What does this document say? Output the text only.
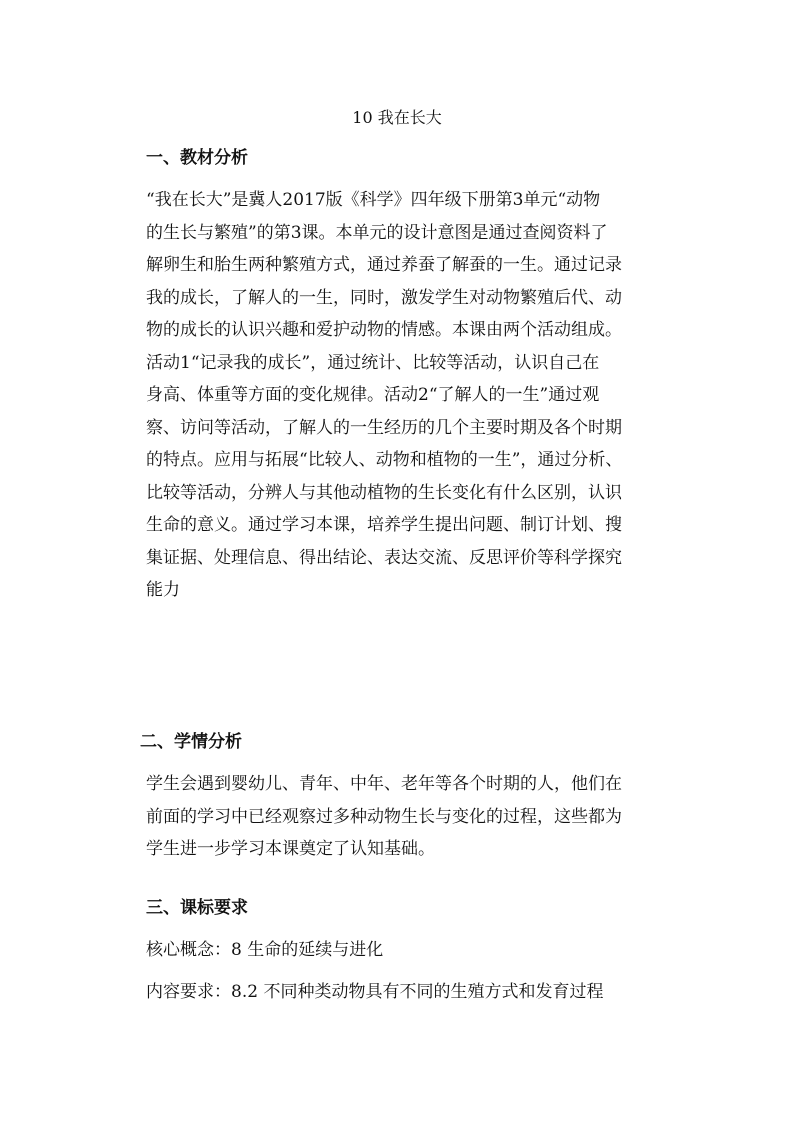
10 我在长大
一、教材分析
“我在长大”是冀人2017版《科学》四年级下册第3单元“动物
的生长与繁殖”的第3课。本单元的设计意图是通过查阅资料了
解卵生和胎生两种繁殖方式，通过养蚕了解蚕的一生。通过记录
我的成长，了解人的一生，同时，激发学生对动物繁殖后代、动
物的成长的认识兴趣和爱护动物的情感。本课由两个活动组成。
活动1“记录我的成长”，通过统计、比较等活动，认识自己在
身高、体重等方面的变化规律。活动2“了解人的一生”通过观
察、访问等活动，了解人的一生经历的几个主要时期及各个时期
的特点。应用与拓展“比较人、动物和植物的一生”，通过分析、
比较等活动，分辨人与其他动植物的生长变化有什么区别，认识
生命的意义。通过学习本课，培养学生提出问题、制订计划、搜
集证据、处理信息、得出结论、表达交流、反思评价等科学探究
能力
二、学情分析
学生会遇到婴幼儿、青年、中年、老年等各个时期的人，他们在
前面的学习中已经观察过多种动物生长与变化的过程，这些都为
学生进一步学习本课奠定了认知基础。
三、课标要求
核心概念：8 生命的延续与进化
内容要求：8.2 不同种类动物具有不同的生殖方式和发育过程
